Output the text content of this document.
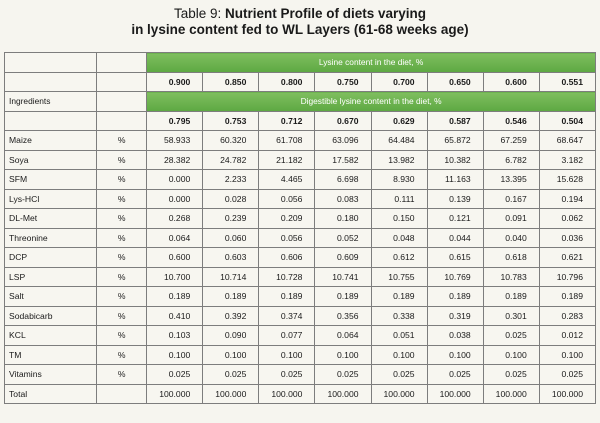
Table 9: Nutrient Profile of diets varying
in lysine content fed to WL Layers (61-68 weeks age)
		Lysine content in the diet, %							
		0.900	0.850	0.800	0.750	0.700	0.650	0.600	0.551
Ingredients		Digestible lysine content in the diet, %							
		0.795	0.753	0.712	0.670	0.629	0.587	0.546	0.504
Maize	%	58.933	60.320	61.708	63.096	64.484	65.872	67.259	68.647
Soya	%	28.382	24.782	21.182	17.582	13.982	10.382	6.782	3.182
SFM	%	0.000	2.233	4.465	6.698	8.930	11.163	13.395	15.628
Lys-HCl	%	0.000	0.028	0.056	0.083	0.111	0.139	0.167	0.194
DL-Met	%	0.268	0.239	0.209	0.180	0.150	0.121	0.091	0.062
Threonine	%	0.064	0.060	0.056	0.052	0.048	0.044	0.040	0.036
DCP	%	0.600	0.603	0.606	0.609	0.612	0.615	0.618	0.621
LSP	%	10.700	10.714	10.728	10.741	10.755	10.769	10.783	10.796
Salt	%	0.189	0.189	0.189	0.189	0.189	0.189	0.189	0.189
Sodabicarb	%	0.410	0.392	0.374	0.356	0.338	0.319	0.301	0.283
KCL	%	0.103	0.090	0.077	0.064	0.051	0.038	0.025	0.012
TM	%	0.100	0.100	0.100	0.100	0.100	0.100	0.100	0.100
Vitamins	%	0.025	0.025	0.025	0.025	0.025	0.025	0.025	0.025
Total		100.000	100.000	100.000	100.000	100.000	100.000	100.000	100.000
